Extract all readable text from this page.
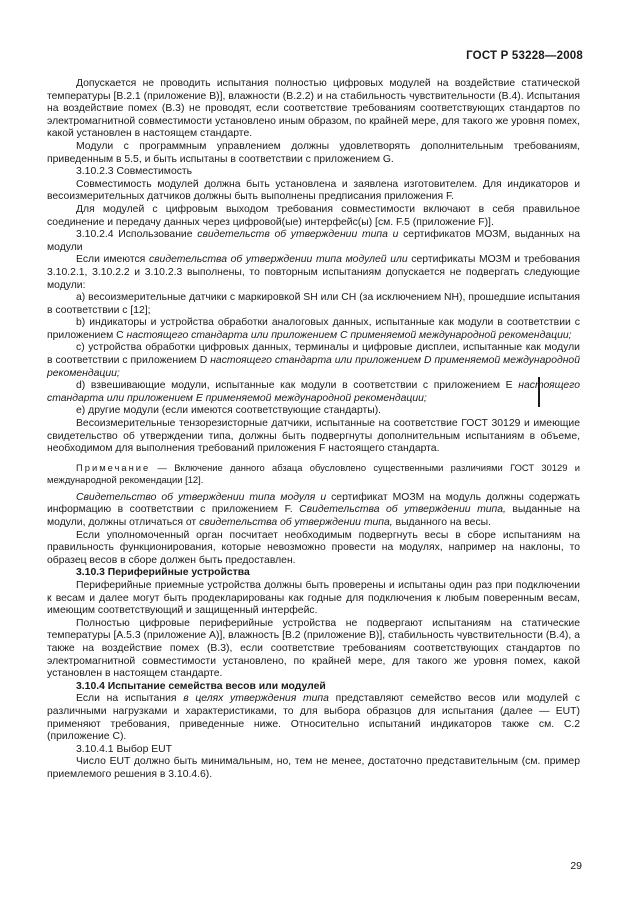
ГОСТ Р 53228—2008

Допускается не проводить испытания полностью цифровых модулей на воздействие статической температуры [В.2.1 (приложение В)], влажности (В.2.2) и на стабильность чувствительности (В.4). Испытания на воздействие помех (В.3) не проводят, если соответствие требованиям соответствующих стандартов по электромагнитной совместимости установлено иным образом, по крайней мере, для такого же уровня помех, какой установлен в настоящем стандарте.

Модули с программным управлением должны удовлетворять дополнительным требованиям, приведенным в 5.5, и быть испытаны в соответствии с приложением G.

3.10.2.3 Совместимость

Совместимость модулей должна быть установлена и заявлена изготовителем. Для индикаторов и весоизмерительных датчиков должны быть выполнены предписания приложения F.

Для модулей с цифровым выходом требования совместимости включают в себя правильное соединение и передачу данных через цифровой(ые) интерфейс(ы) [см. F.5 (приложение F)].

3.10.2.4 Использование свидетельств об утверждении типа и сертификатов МОЗМ, выданных на модули

Если имеются свидетельства об утверждении типа модулей или сертификаты МОЗМ и требования 3.10.2.1, 3.10.2.2 и 3.10.2.3 выполнены, то повторным испытаниям допускается не подвергать следующие модули:

а) весоизмерительные датчики с маркировкой SH или CH (за исключением NH), прошедшие испытания в соответствии с [12];

b) индикаторы и устройства обработки аналоговых данных, испытанные как модули в соответствии с приложением С настоящего стандарта или приложением С применяемой международной рекомендации;

с) устройства обработки цифровых данных, терминалы и цифровые дисплеи, испытанные как модули в соответствии с приложением D настоящего стандарта или приложением D применяемой международной рекомендации;

d) взвешивающие модули, испытанные как модули в соответствии с приложением Е настоящего стандарта или приложением Е применяемой международной рекомендации;

е) другие модули (если имеются соответствующие стандарты).

Весоизмерительные тензорезисторные датчики, испытанные на соответствие ГОСТ 30129 и имеющие свидетельство об утверждении типа, должны быть подвергнуты дополнительным испытаниям в объеме, необходимом для выполнения требований приложения F настоящего стандарта.

Примечание — Включение данного абзаца обусловлено существенными различиями ГОСТ 30129 и международной рекомендации [12].

Свидетельство об утверждении типа модуля и сертификат МОЗМ на модуль должны содержать информацию в соответствии с приложением F. Свидетельства об утверждении типа, выданные на модули, должны отличаться от свидетельства об утверждении типа, выданного на весы.

Если уполномоченный орган посчитает необходимым подвергнуть весы в сборе испытаниям на правильность функционирования, которые невозможно провести на модулях, например на наклоны, то образец весов в сборе должен быть предоставлен.

3.10.3 Периферийные устройства

Периферийные приемные устройства должны быть проверены и испытаны один раз при подключении к весам и далее могут быть продекларированы как годные для подключения к любым поверенным весам, имеющим соответствующий и защищенный интерфейс.

Полностью цифровые периферийные устройства не подвергают испытаниям на статические температуры [А.5.3 (приложение А)], влажность [В.2 (приложение В)], стабильность чувствительности (В.4), а также на воздействие помех (В.3), если соответствие требованиям соответствующих стандартов по электромагнитной совместимости установлено, по крайней мере, для такого же уровня помех, какой установлен в настоящем стандарте.

3.10.4 Испытание семейства весов или модулей

Если на испытания в целях утверждения типа представляют семейство весов или модулей с различными нагрузками и характеристиками, то для выбора образцов для испытания (далее — EUT) применяют требования, приведенные ниже. Относительно испытаний индикаторов также см. С.2 (приложение С).

3.10.4.1 Выбор EUT

Число EUT должно быть минимальным, но, тем не менее, достаточно представительным (см. пример приемлемого решения в 3.10.4.6).

29
